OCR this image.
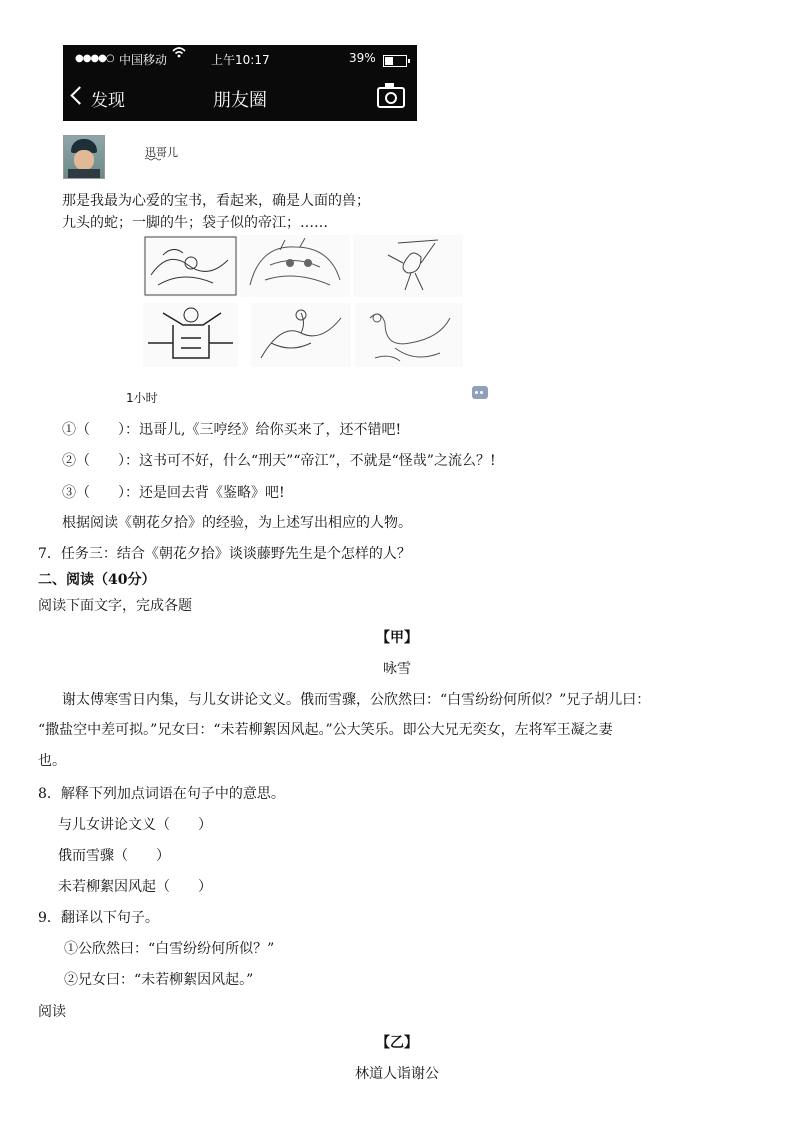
●●●●○ 中国移动	上午10:17	39%
发现	朋友圈
迅哥儿
那是我最为心爱的宝书，看起来，确是人面的兽；
九头的蛇；一脚的牛；袋子似的帝江；……
1小时
①（　　）：迅哥儿,《三哼经》给你买来了，还不错吧!
②（　　）：这书可不好，什么“刑天”“帝江”，不就是“怪哉”之流么？!
③（　　）：还是回去背《鉴略》吧!
根据阅读《朝花夕拾》的经验，为上述写出相应的人物。
7．任务三：结合《朝花夕拾》谈谈藤野先生是个怎样的人？
二、阅读（40分）
阅读下面文字，完成各题
【甲】
咏雪
谢太傅寒雪日内集，与儿女讲论文义。俄而雪骤，公欣然曰：“白雪纷纷何所似？”兄子胡儿曰：
“撒盐空中差可拟。”兄女曰：“未若柳絮因风起。”公大笑乐。即公大兄无奕女，左将军王凝之妻
也。
8．解释下列加点词语在句子中的意思。
与儿女讲论文义（　　）
俄而雪骤（　　）
未若柳絮因风起（　　）
9．翻译以下句子。
①公欣然曰：“白雪纷纷何所似？”
②兄女曰：“未若柳絮因风起。”
阅读
【乙】
林道人诣谢公
